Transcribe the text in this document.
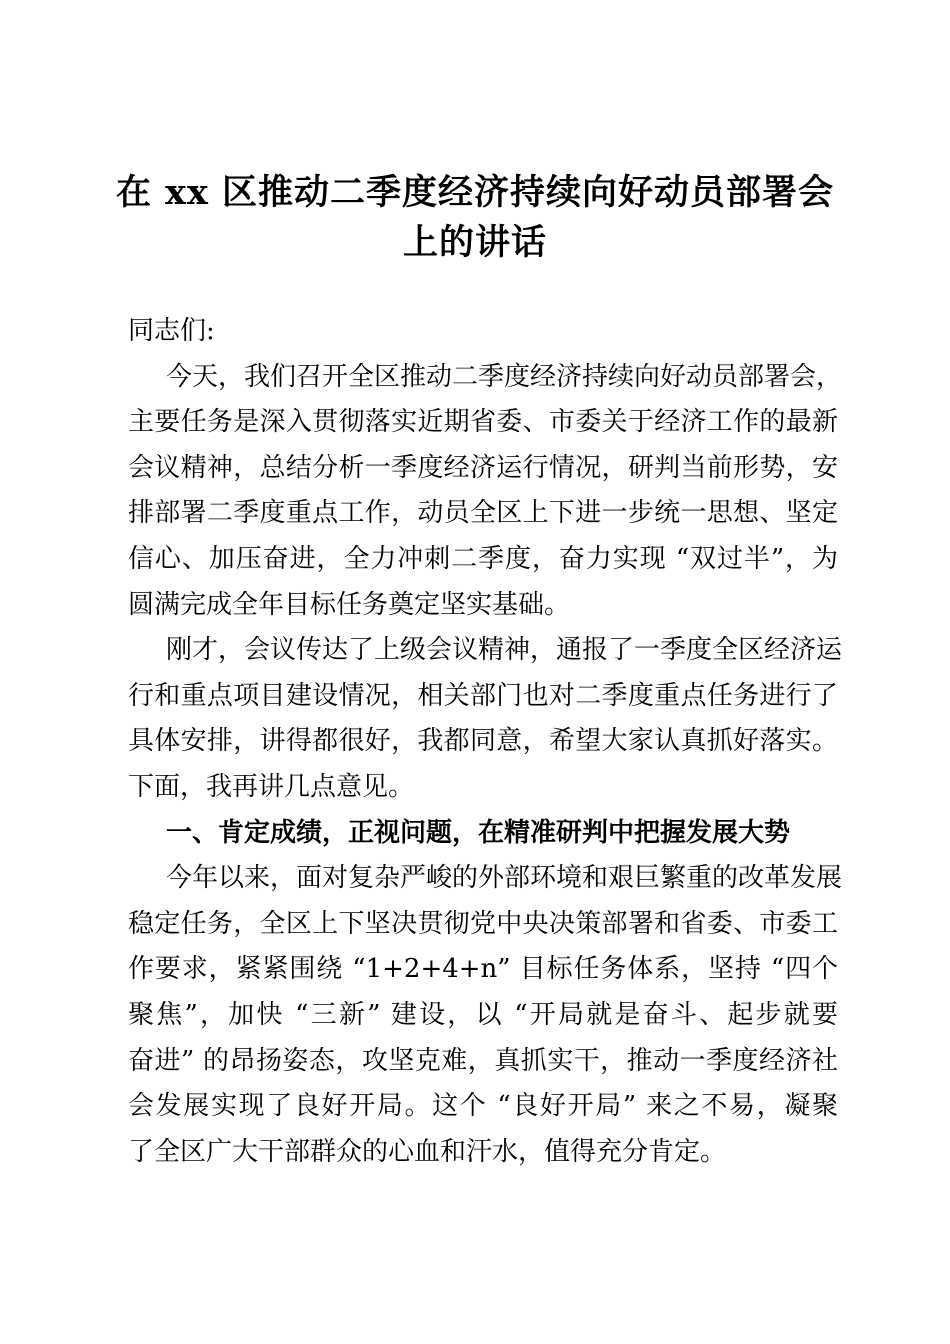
在 xx 区推动二季度经济持续向好动员部署会
上的讲话

同志们:

今天，我们召开全区推动二季度经济持续向好动员部署会，
主要任务是深入贯彻落实近期省委、市委关于经济工作的最新
会议精神，总结分析一季度经济运行情况，研判当前形势，安
排部署二季度重点工作，动员全区上下进一步统一思想、坚定
信心、加压奋进，全力冲刺二季度，奋力实现 “双过半”，为
圆满完成全年目标任务奠定坚实基础。

刚才，会议传达了上级会议精神，通报了一季度全区经济运
行和重点项目建设情况，相关部门也对二季度重点任务进行了
具体安排，讲得都很好，我都同意，希望大家认真抓好落实。
下面，我再讲几点意见。

一、肯定成绩，正视问题，在精准研判中把握发展大势

今年以来，面对复杂严峻的外部环境和艰巨繁重的改革发展
稳定任务，全区上下坚决贯彻党中央决策部署和省委、市委工
作要求，紧紧围绕 “1+2+4+n” 目标任务体系，坚持 “四个
聚焦”，加快 “三新” 建设，以 “开局就是奋斗、起步就要
奋进” 的昂扬姿态，攻坚克难，真抓实干，推动一季度经济社
会发展实现了良好开局。这个 “良好开局” 来之不易，凝聚
了全区广大干部群众的心血和汗水，值得充分肯定。
